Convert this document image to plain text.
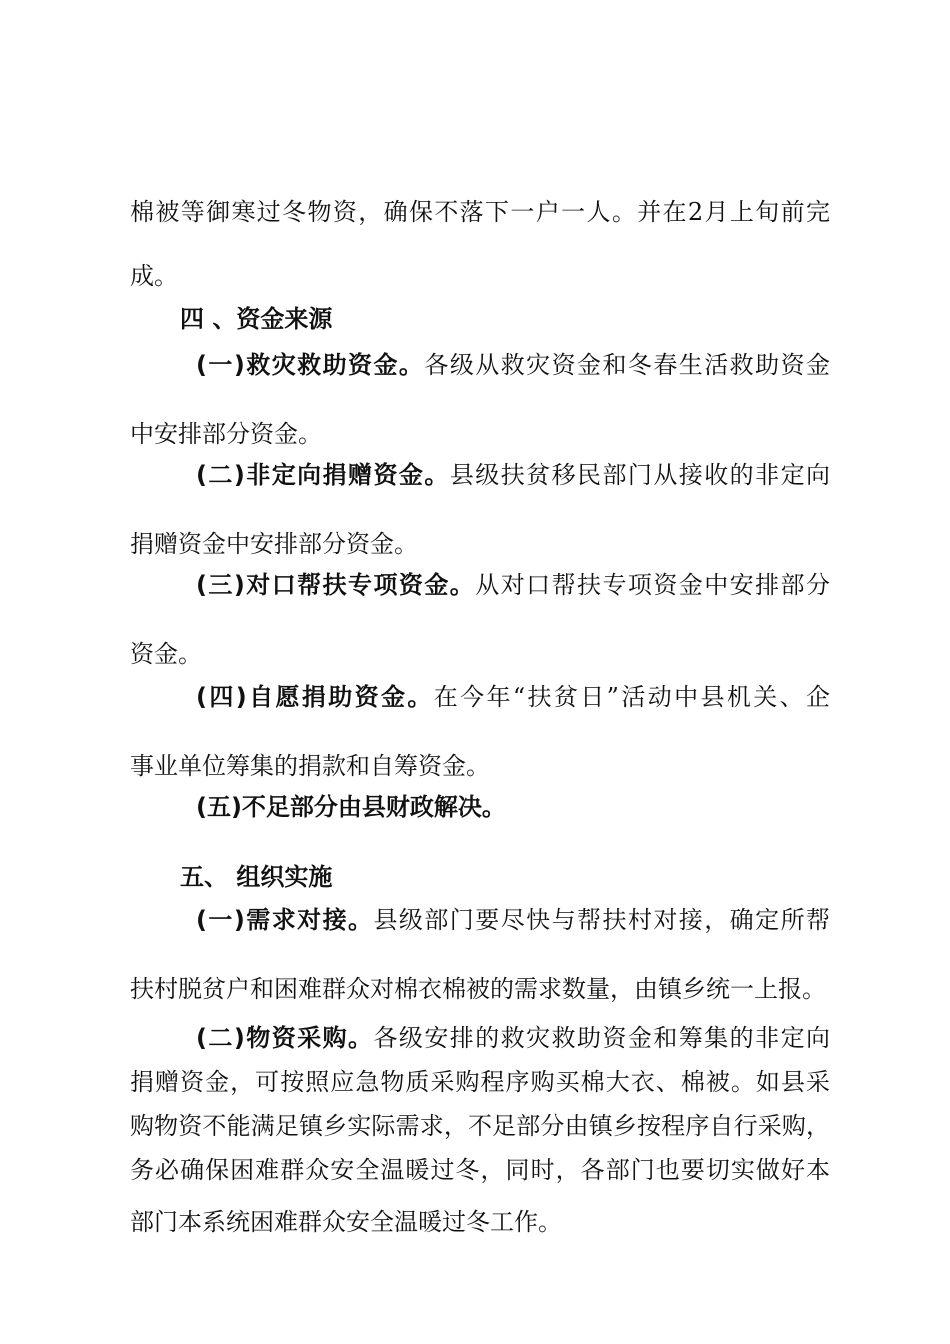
棉被等御寒过冬物资，确保不落下一户一人。并在2月上旬前完
成。
四 、资金来源
(一)救灾救助资金。各级从救灾资金和冬春生活救助资金
中安排部分资金。
(二)非定向捐赠资金。县级扶贫移民部门从接收的非定向
捐赠资金中安排部分资金。
(三)对口帮扶专项资金。从对口帮扶专项资金中安排部分
资金。
(四)自愿捐助资金。在今年“扶贫日”活动中县机关、企
事业单位筹集的捐款和自筹资金。
(五)不足部分由县财政解决。
五、 组织实施
(一)需求对接。县级部门要尽快与帮扶村对接，确定所帮
扶村脱贫户和困难群众对棉衣棉被的需求数量，由镇乡统一上报。
(二)物资采购。各级安排的救灾救助资金和筹集的非定向
捐赠资金，可按照应急物质采购程序购买棉大衣、棉被。如县采
购物资不能满足镇乡实际需求，不足部分由镇乡按程序自行采购，
务必确保困难群众安全温暖过冬，同时，各部门也要切实做好本
部门本系统困难群众安全温暖过冬工作。
